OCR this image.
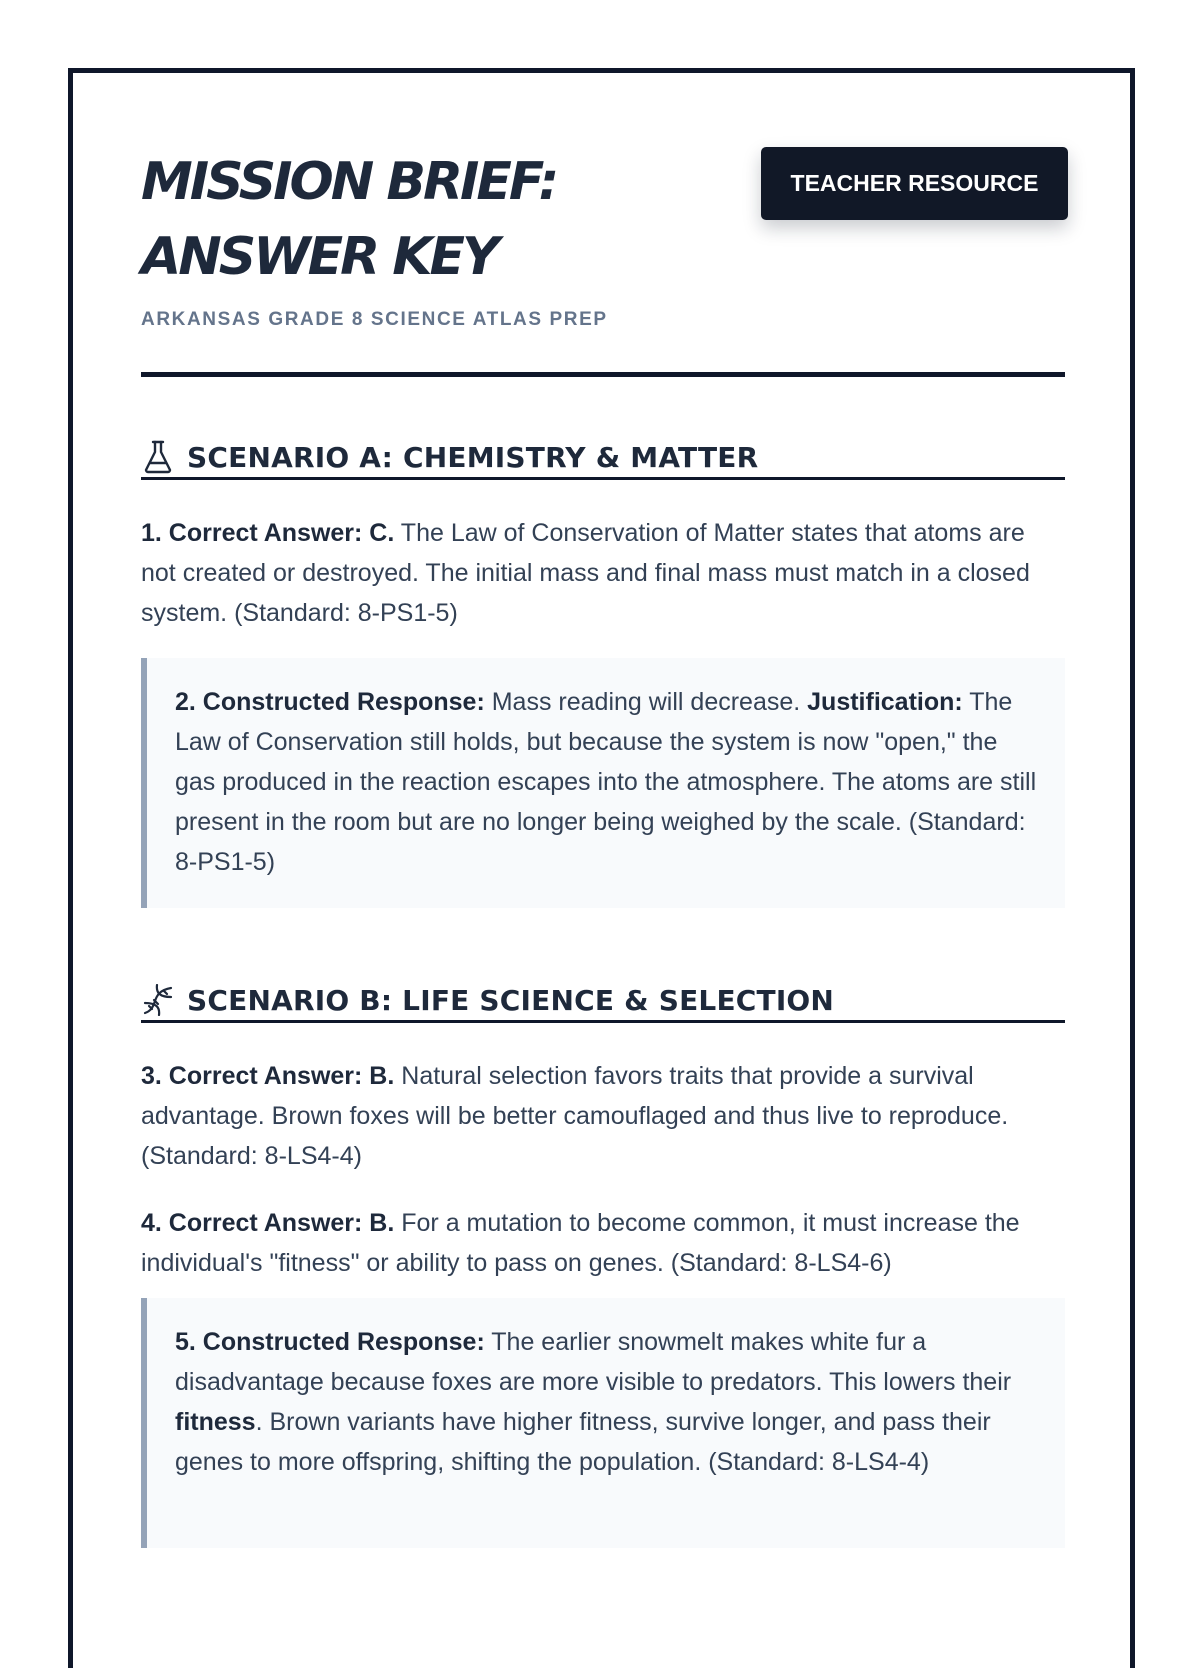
MISSION BRIEF:
ANSWER KEY
TEACHER RESOURCE
ARKANSAS GRADE 8 SCIENCE ATLAS PREP
SCENARIO A: CHEMISTRY & MATTER

1. Correct Answer: C. The Law of Conservation of Matter states that atoms are not created or destroyed. The initial mass and final mass must match in a closed system. (Standard: 8-PS1-5)

2. Constructed Response: Mass reading will decrease. Justification: The Law of Conservation still holds, but because the system is now "open," the gas produced in the reaction escapes into the atmosphere. The atoms are still present in the room but are no longer being weighed by the scale. (Standard: 8-PS1-5)
SCENARIO B: LIFE SCIENCE & SELECTION

3. Correct Answer: B. Natural selection favors traits that provide a survival advantage. Brown foxes will be better camouflaged and thus live to reproduce. (Standard: 8-LS4-4)

4. Correct Answer: B. For a mutation to become common, it must increase the individual's "fitness" or ability to pass on genes. (Standard: 8-LS4-6)

5. Constructed Response: The earlier snowmelt makes white fur a disadvantage because foxes are more visible to predators. This lowers their fitness. Brown variants have higher fitness, survive longer, and pass their genes to more offspring, shifting the population. (Standard: 8-LS4-4)
